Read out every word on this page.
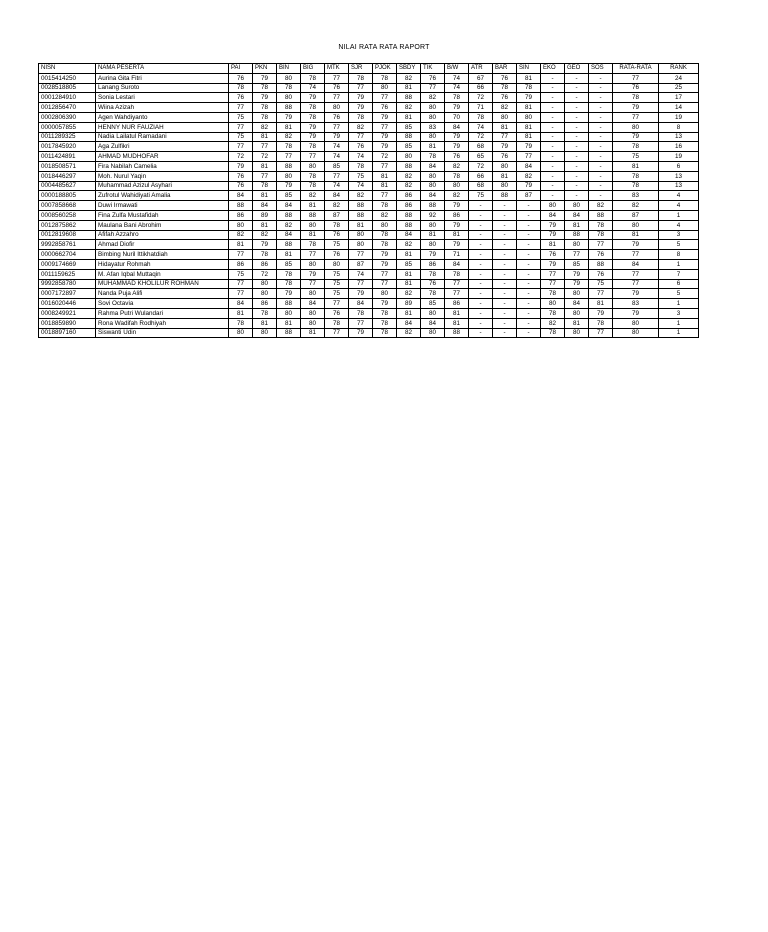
NILAI RATA RATA RAPORT
NISN	NAMA PESERTA	PAI	PKN	BIN	BIG	MTK	SJR	PJOK	SBDY	TIK	B/W	ATR	BAR	SIN	EKO	GEO	SOS	RATA-RATA	RANK
0015414250	Aurina Gita Fitri	76	79	80	78	77	78	78	82	76	74	67	76	81	-	-	-	77	24
0028518805	Lanang Suroto	78	78	78	74	76	77	80	81	77	74	66	78	78	-	-	-	76	25
0001284910	Sonia Lestari	76	79	80	79	77	79	77	88	82	78	72	76	79	-	-	-	78	17
0012856470	Wiina Azizah	77	78	88	78	80	79	76	82	80	79	71	82	81	-	-	-	79	14
0002806390	Agen Wahdiyanto	75	78	79	78	76	78	79	81	80	70	78	80	80	-	-	-	77	19
0000057855	HENNY NUR FAUZIAH	77	82	81	79	77	82	77	85	83	84	74	81	81	-	-	-	80	8
0011289325	Nadia Lailatul Ramadani	75	81	82	79	79	77	79	88	80	79	72	77	81	-	-	-	79	13
0017845920	Aga Zulfikri	77	77	78	78	74	76	79	85	81	79	68	79	79	-	-	-	78	16
0011424891	AHMAD MUDHOFAR	72	72	77	77	74	74	72	80	78	76	65	76	77	-	-	-	75	19
0018508571	Fira Nabilah Camelia	79	81	88	80	85	78	77	88	84	82	72	80	84	-	-	-	81	6
0018446297	Moh. Nurul Yaqin	76	77	80	78	77	75	81	82	80	78	66	81	82	-	-	-	78	13
0004485627	Muhammad Azizul Asyhari	76	78	79	78	74	74	81	82	80	80	68	80	79	-	-	-	78	13
0000188805	Zufrotul Wahidiyati Amalia	84	81	85	82	84	82	77	86	84	82	75	88	87	-	-	-	83	4
0007858668	Duwi Irmawati	88	84	84	81	82	88	78	86	88	79	-	-	-	80	80	82	82	4
0008560258	Fina Zulfa Mustafidah	86	89	88	88	87	88	82	88	92	86	-	-	-	84	84	88	87	1
0012875862	Maulana Bani Abrohim	80	81	82	80	78	81	80	88	80	79	-	-	-	79	81	78	80	4
0012819608	Afifah Azzahro	82	82	84	81	76	80	78	84	81	81	-	-	-	79	88	78	81	3
9992858761	Ahmad Diofir	81	79	88	78	75	80	78	82	80	79	-	-	-	81	80	77	79	5
0000662704	Bimbing Nuril Ittikhatdiah	77	78	81	77	76	77	79	81	79	71	-	-	-	76	77	76	77	8
0009174669	Hidayatur Rohmah	86	86	85	80	80	87	79	85	86	84	-	-	-	79	85	88	84	1
0011159625	M. Afan Iqbal Muttaqin	75	72	78	79	75	74	77	81	78	78	-	-	-	77	79	76	77	7
9992858780	MUHAMMAD KHOLILUR ROHMAN	77	80	78	77	75	77	77	81	76	77	-	-	-	77	79	75	77	6
0007172897	Nanda Puja Alifi	77	80	79	80	75	79	80	82	78	77	-	-	-	78	80	77	79	5
0016020446	Sovi Octavia	84	86	88	84	77	84	79	89	85	86	-	-	-	80	84	81	83	1
0008249921	Rahma Putri Wulandari	81	78	80	80	76	78	78	81	80	81	-	-	-	78	80	79	79	3
0018859890	Rona Wadifah Rodhiyah	78	81	81	80	78	77	78	84	84	81	-	-	-	82	81	78	80	1
0018897160	Siswanti Udin	80	80	88	81	77	79	78	82	80	88	-	-	-	78	80	77	80	1
